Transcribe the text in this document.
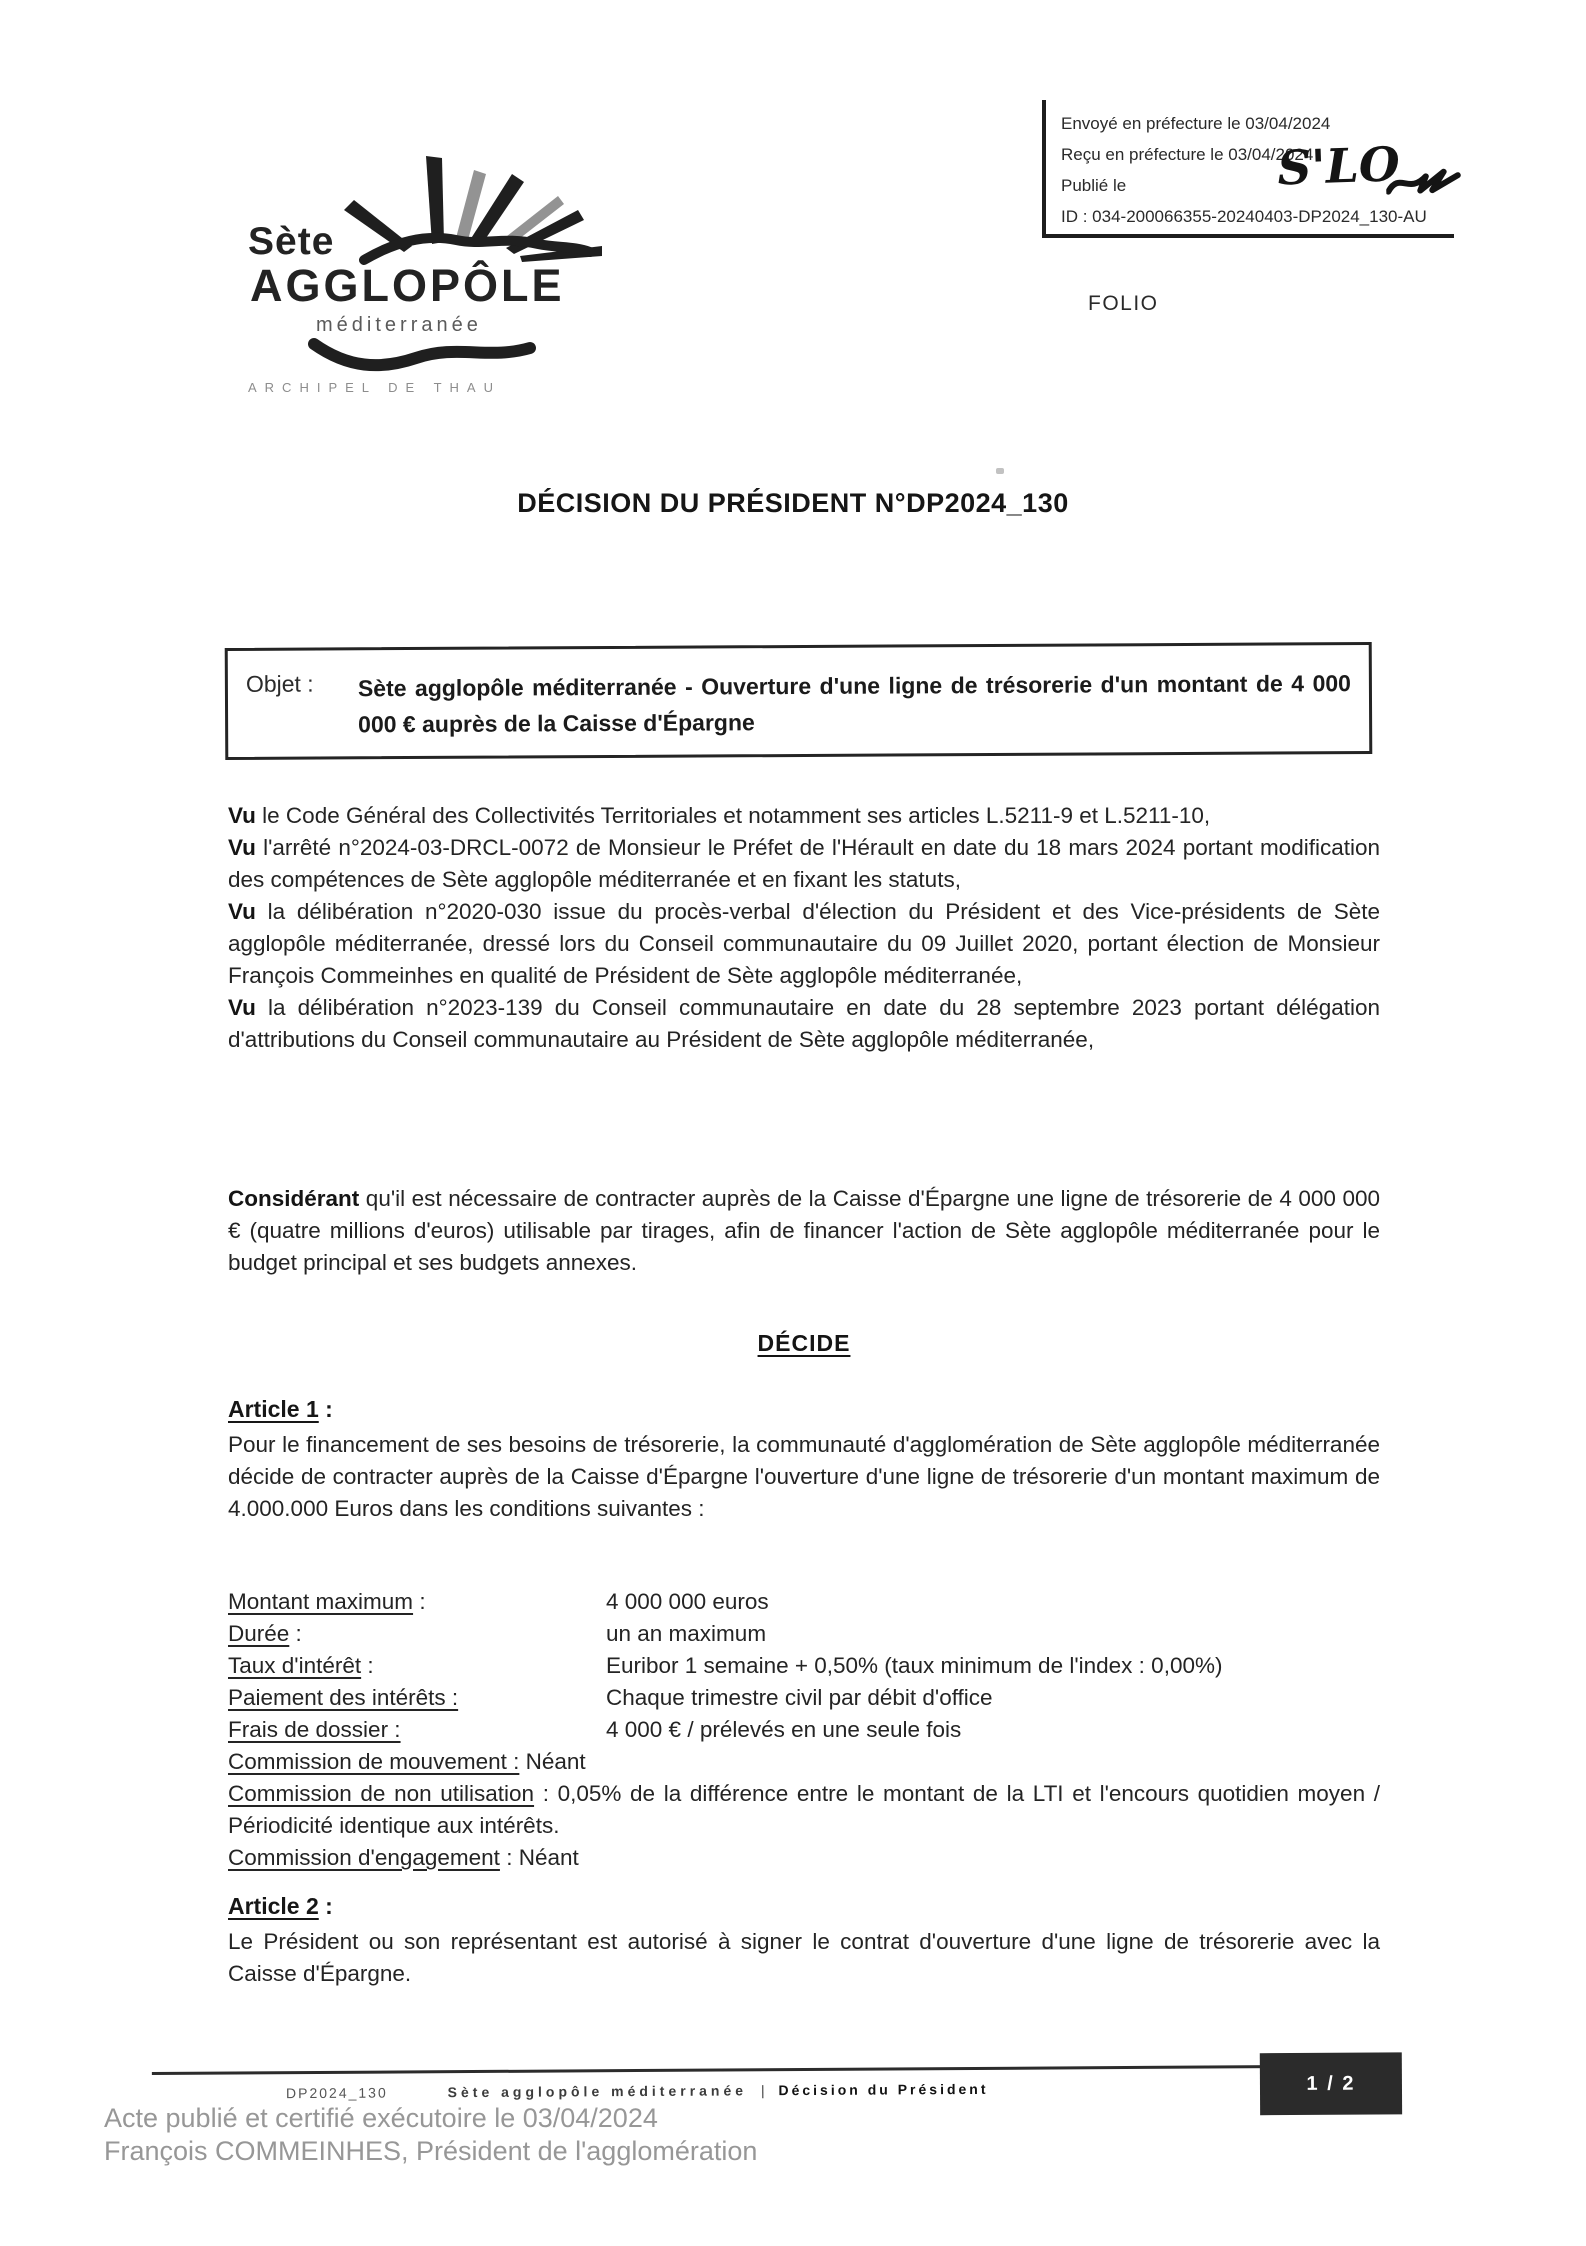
Sète
AGGLOPÔLE
méditerranée
ARCHIPEL DE THAU
Envoyé en préfecture le 03/04/2024
Reçu en préfecture le 03/04/2024
Publié le
ID : 034-200066355-20240403-DP2024_130-AU
S'LO
FOLIO
DÉCISION DU PRÉSIDENT N°DP2024_130
Objet :	Sète agglopôle méditerranée - Ouverture d'une ligne de trésorerie d'un montant de 4 000 000 € auprès de la Caisse d'Épargne

Vu le Code Général des Collectivités Territoriales et notamment ses articles L.5211-9 et L.5211-10,

Vu l'arrêté n°2024-03-DRCL-0072 de Monsieur le Préfet de l'Hérault en date du 18 mars 2024 portant modification des compétences de Sète agglopôle méditerranée et en fixant les statuts,

Vu la délibération n°2020-030 issue du procès-verbal d'élection du Président et des Vice-présidents de Sète agglopôle méditerranée, dressé lors du Conseil communautaire du 09 Juillet 2020, portant élection de Monsieur François Commeinhes en qualité de Président de Sète agglopôle méditerranée,

Vu la délibération n°2023-139 du Conseil communautaire en date du 28 septembre 2023 portant délégation d'attributions du Conseil communautaire au Président de Sète agglopôle méditerranée,

Considérant qu'il est nécessaire de contracter auprès de la Caisse d'Épargne une ligne de trésorerie de 4 000 000 € (quatre millions d'euros) utilisable par tirages, afin de financer l'action de Sète agglopôle méditerranée pour le budget principal et ses budgets annexes.

DÉCIDE
Article 1 :

Pour le financement de ses besoins de trésorerie, la communauté d'agglomération de Sète agglopôle méditerranée décide de contracter auprès de la Caisse d'Épargne l'ouverture d'une ligne de trésorerie d'un montant maximum de 4.000.000 Euros dans les conditions suivantes :

Montant maximum :	4 000 000 euros
Durée :	un an maximum
Taux d'intérêt :	Euribor 1 semaine + 0,50% (taux minimum de l'index : 0,00%)
Paiement des intérêts :	Chaque trimestre civil par débit d'office
Frais de dossier :	4 000 € / prélevés en une seule fois
Commission de mouvement : Néant
Commission de non utilisation : 0,05% de la différence entre le montant de la LTI et l'encours quotidien moyen / Périodicité identique aux intérêts.
Commission d'engagement : Néant
Article 2 :

Le Président ou son représentant est autorisé à signer le contrat d'ouverture d'une ligne de trésorerie avec la Caisse d'Épargne.

DP2024_130	Sète agglopôle méditerranée | Décision du Président	1 / 2
Acte publié et certifié exécutoire le 03/04/2024
François COMMEINHES, Président de l'agglomération
